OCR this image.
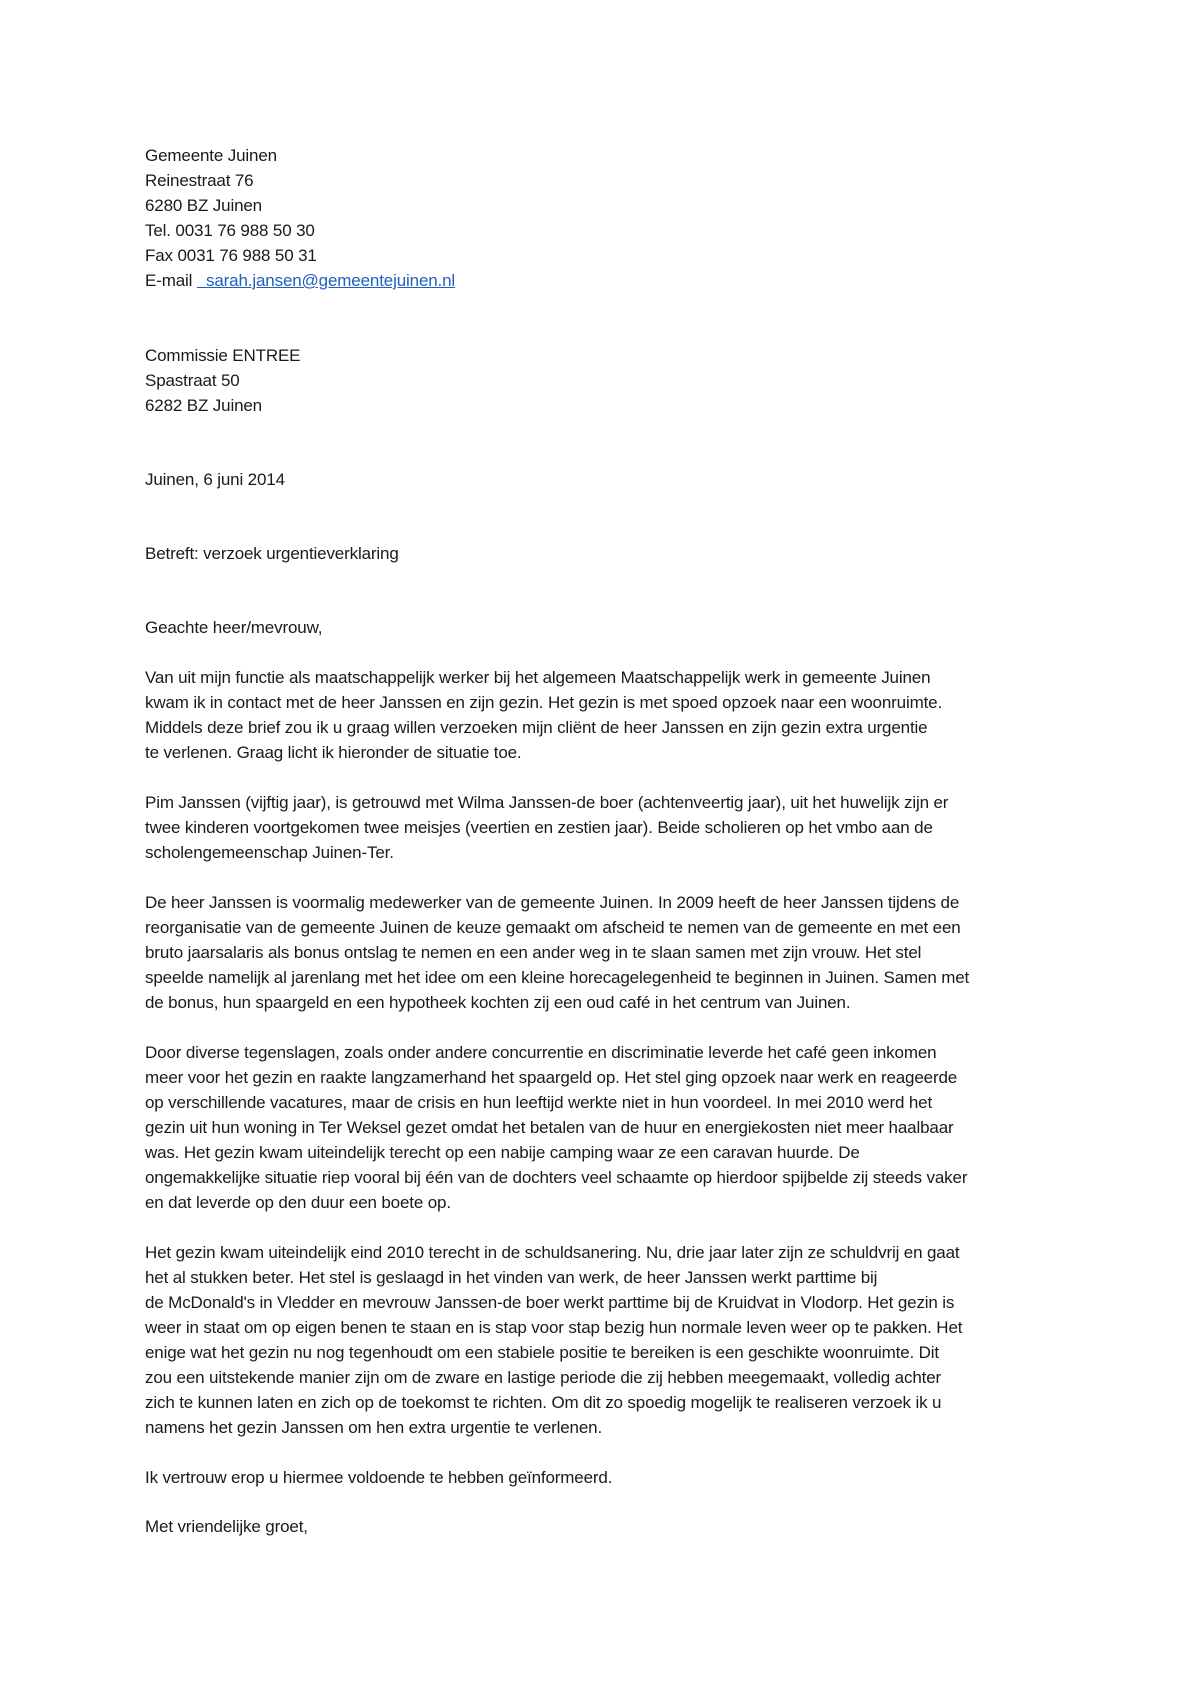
Gemeente Juinen
Reinestraat 76
6280 BZ Juinen
Tel. 0031 76 988 50 30
Fax 0031 76 988 50 31
E-mail sarah.jansen@gemeentejuinen.nl
Commissie ENTREE
Spastraat 50
6282 BZ Juinen
Juinen, 6 juni 2014
Betreft: verzoek urgentieverklaring
Geachte heer/mevrouw,

Van uit mijn functie als maatschappelijk werker bij het algemeen Maatschappelijk werk in gemeente Juinen
kwam ik in contact met de heer Janssen en zijn gezin. Het gezin is met spoed opzoek naar een woonruimte.
Middels deze brief zou ik u graag willen verzoeken mijn cliënt de heer Janssen en zijn gezin extra urgentie
te verlenen. Graag licht ik hieronder de situatie toe.

Pim Janssen (vijftig jaar), is getrouwd met Wilma Janssen-de boer (achtenveertig jaar), uit het huwelijk zijn er
twee kinderen voortgekomen twee meisjes (veertien en zestien jaar). Beide scholieren op het vmbo aan de
scholengemeenschap Juinen-Ter.

De heer Janssen is voormalig medewerker van de gemeente Juinen. In 2009 heeft de heer Janssen tijdens de
reorganisatie van de gemeente Juinen de keuze gemaakt om afscheid te nemen van de gemeente en met een
bruto jaarsalaris als bonus ontslag te nemen en een ander weg in te slaan samen met zijn vrouw. Het stel
speelde namelijk al jarenlang met het idee om een kleine horecagelegenheid te beginnen in Juinen. Samen met
de bonus, hun spaargeld en een hypotheek kochten zij een oud café in het centrum van Juinen.

Door diverse tegenslagen, zoals onder andere concurrentie en discriminatie leverde het café geen inkomen
meer voor het gezin en raakte langzamerhand het spaargeld op. Het stel ging opzoek naar werk en reageerde
op verschillende vacatures, maar de crisis en hun leeftijd werkte niet in hun voordeel. In mei 2010 werd het
gezin uit hun woning in Ter Weksel gezet omdat het betalen van de huur en energiekosten niet meer haalbaar
was. Het gezin kwam uiteindelijk terecht op een nabije camping waar ze een caravan huurde. De
ongemakkelijke situatie riep vooral bij één van de dochters veel schaamte op hierdoor spijbelde zij steeds vaker
en dat leverde op den duur een boete op.

Het gezin kwam uiteindelijk eind 2010 terecht in de schuldsanering. Nu, drie jaar later zijn ze schuldvrij en gaat
het al stukken beter. Het stel is geslaagd in het vinden van werk, de heer Janssen werkt parttime bij
de McDonald's in Vledder en mevrouw Janssen-de boer werkt parttime bij de Kruidvat in Vlodorp. Het gezin is
weer in staat om op eigen benen te staan en is stap voor stap bezig hun normale leven weer op te pakken. Het
enige wat het gezin nu nog tegenhoudt om een stabiele positie te bereiken is een geschikte woonruimte. Dit
zou een uitstekende manier zijn om de zware en lastige periode die zij hebben meegemaakt, volledig achter
zich te kunnen laten en zich op de toekomst te richten. Om dit zo spoedig mogelijk te realiseren verzoek ik u
namens het gezin Janssen om hen extra urgentie te verlenen.

Ik vertrouw erop u hiermee voldoende te hebben geïnformeerd.

Met vriendelijke groet,
